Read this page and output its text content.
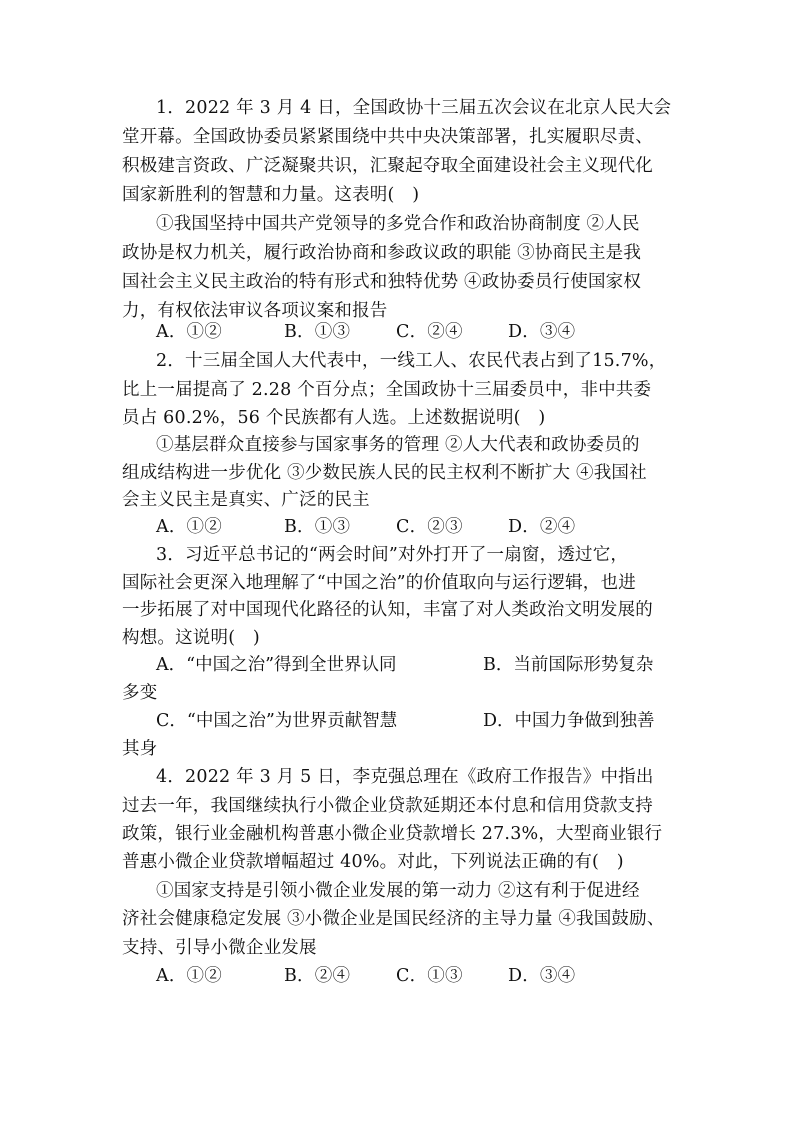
1．2022 年 3 月 4 日，全国政协十三届五次会议在北京人民大会
堂开幕。全国政协委员紧紧围绕中共中央决策部署，扎实履职尽责、
积极建言资政、广泛凝聚共识，汇聚起夺取全面建设社会主义现代化
国家新胜利的智慧和力量。这表明(　)
①我国坚持中国共产党领导的多党合作和政治协商制度 ②人民
政协是权力机关，履行政治协商和参政议政的职能 ③协商民主是我
国社会主义民主政治的特有形式和独特优势 ④政协委员行使国家权
力，有权依法审议各项议案和报告
A．①②	B．①③	C．②④	D．③④
2．十三届全国人大代表中，一线工人、农民代表占到了15.7%，
比上一届提高了 2.28 个百分点；全国政协十三届委员中，非中共委
员占 60.2%，56 个民族都有人选。上述数据说明(　)
①基层群众直接参与国家事务的管理 ②人大代表和政协委员的
组成结构进一步优化 ③少数民族人民的民主权利不断扩大 ④我国社
会主义民主是真实、广泛的民主
A．①②	B．①③	C．②③	D．②④
3．习近平总书记的“两会时间”对外打开了一扇窗，透过它，
国际社会更深入地理解了“中国之治”的价值取向与运行逻辑，也进
一步拓展了对中国现代化路径的认知，丰富了对人类政治文明发展的
构想。这说明(　)
A．“中国之治”得到全世界认同	B．当前国际形势复杂
多变
C．“中国之治”为世界贡献智慧	D．中国力争做到独善
其身
4．2022 年 3 月 5 日，李克强总理在《政府工作报告》中指出
过去一年，我国继续执行小微企业贷款延期还本付息和信用贷款支持
政策，银行业金融机构普惠小微企业贷款增长 27.3%，大型商业银行
普惠小微企业贷款增幅超过 40%。对此，下列说法正确的有(　)
①国家支持是引领小微企业发展的第一动力 ②这有利于促进经
济社会健康稳定发展 ③小微企业是国民经济的主导力量 ④我国鼓励、
支持、引导小微企业发展
A．①②	B．②④	C．①③	D．③④
